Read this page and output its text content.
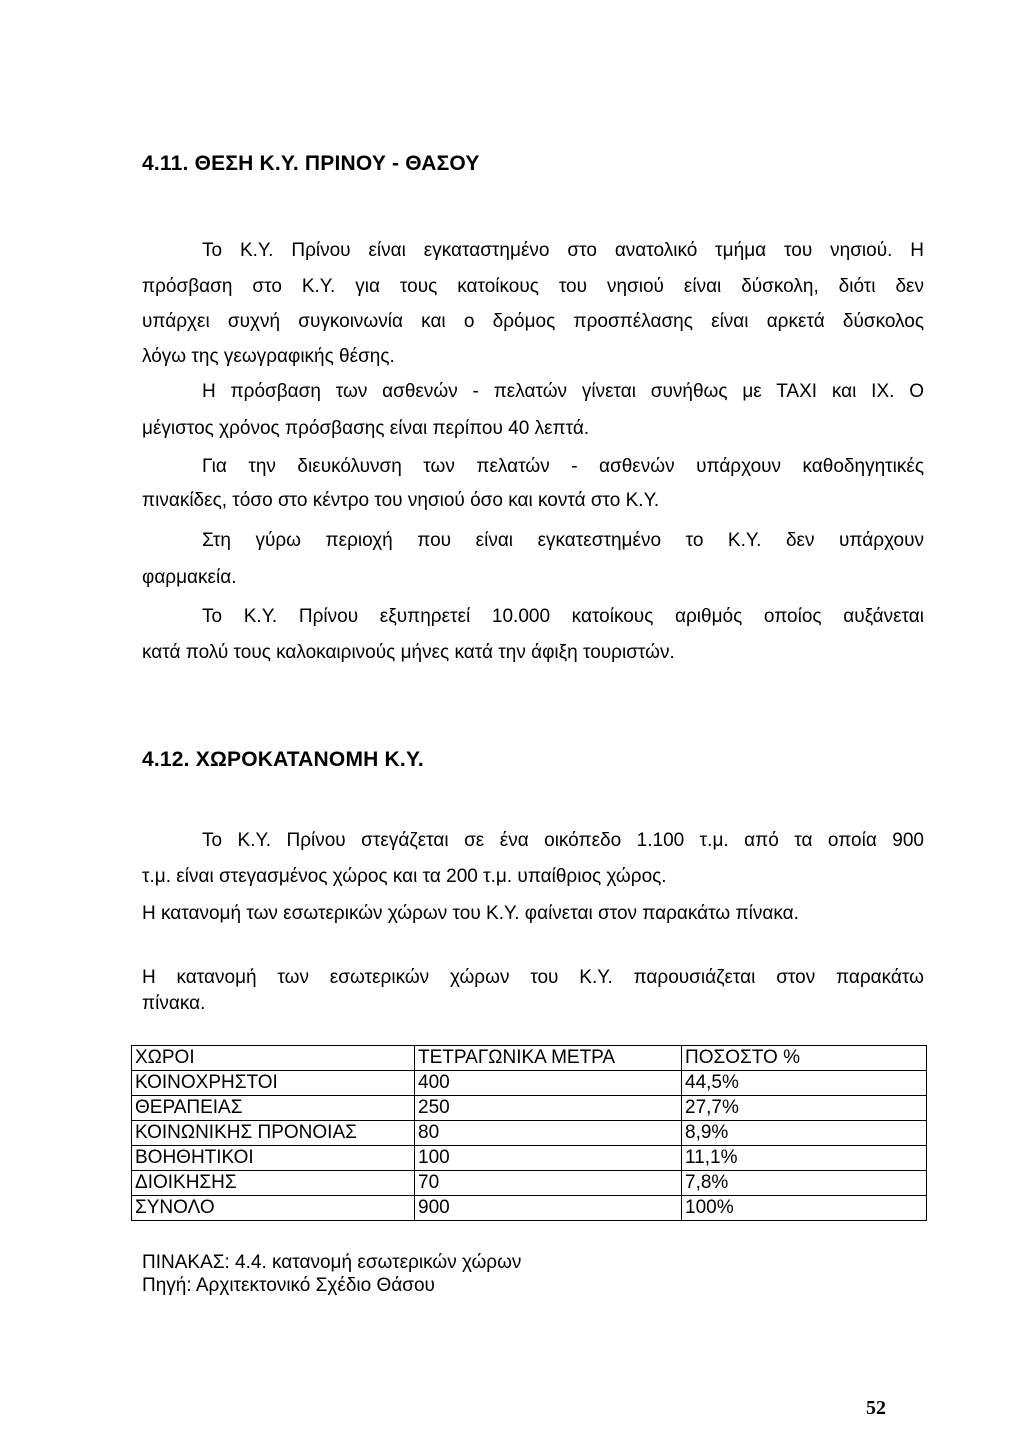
4.11. ΘΕΣΗ Κ.Υ. ΠΡΙΝΟΥ - ΘΑΣΟΥ
Το Κ.Υ. Πρίνου είναι εγκαταστημένο στο ανατολικό τμήμα του νησιού. Η
πρόσβαση στο Κ.Υ. για τους κατοίκους του νησιού είναι δύσκολη, διότι δεν
υπάρχει συχνή συγκοινωνία και ο δρόμος προσπέλασης είναι αρκετά δύσκολος
λόγω της γεωγραφικής θέσης.
Η πρόσβαση των ασθενών - πελατών γίνεται συνήθως με ΤΑΧΙ και ΙΧ. Ο
μέγιστος χρόνος πρόσβασης είναι περίπου 40 λεπτά.
Για την διευκόλυνση των πελατών - ασθενών υπάρχουν καθοδηγητικές
πινακίδες, τόσο στο κέντρο του νησιού όσο και κοντά στο Κ.Υ.
Στη γύρω περιοχή που είναι εγκατεστημένο το Κ.Υ. δεν υπάρχουν
φαρμακεία.
Το Κ.Υ. Πρίνου εξυπηρετεί 10.000 κατοίκους αριθμός οποίος αυξάνεται
κατά πολύ τους καλοκαιρινούς μήνες κατά την άφιξη τουριστών.
4.12. ΧΩΡΟΚΑΤΑΝΟΜΗ Κ.Υ.
Το Κ.Υ. Πρίνου στεγάζεται σε ένα οικόπεδο 1.100 τ.μ. από τα οποία 900
τ.μ. είναι στεγασμένος χώρος και τα 200 τ.μ. υπαίθριος χώρος.
Η κατανομή των εσωτερικών χώρων του Κ.Υ. φαίνεται στον παρακάτω πίνακα.
Η κατανομή των εσωτερικών χώρων του Κ.Υ. παρουσιάζεται στον παρακάτω
πίνακα.
ΧΩΡΟΙ	ΤΕΤΡΑΓΩΝΙΚΑ ΜΕΤΡΑ	ΠΟΣΟΣΤΟ %
ΚΟΙΝΟΧΡΗΣΤΟΙ	400	44,5%
ΘΕΡΑΠΕΙΑΣ	250	27,7%
ΚΟΙΝΩΝΙΚΗΣ ΠΡΟΝΟΙΑΣ	80	8,9%
ΒΟΗΘΗΤΙΚΟΙ	100	11,1%
ΔΙΟΙΚΗΣΗΣ	70	7,8%
ΣΥΝΟΛΟ	900	100%
ΠΙΝΑΚΑΣ: 4.4. κατανομή εσωτερικών χώρων
Πηγή: Αρχιτεκτονικό Σχέδιο Θάσου
52
